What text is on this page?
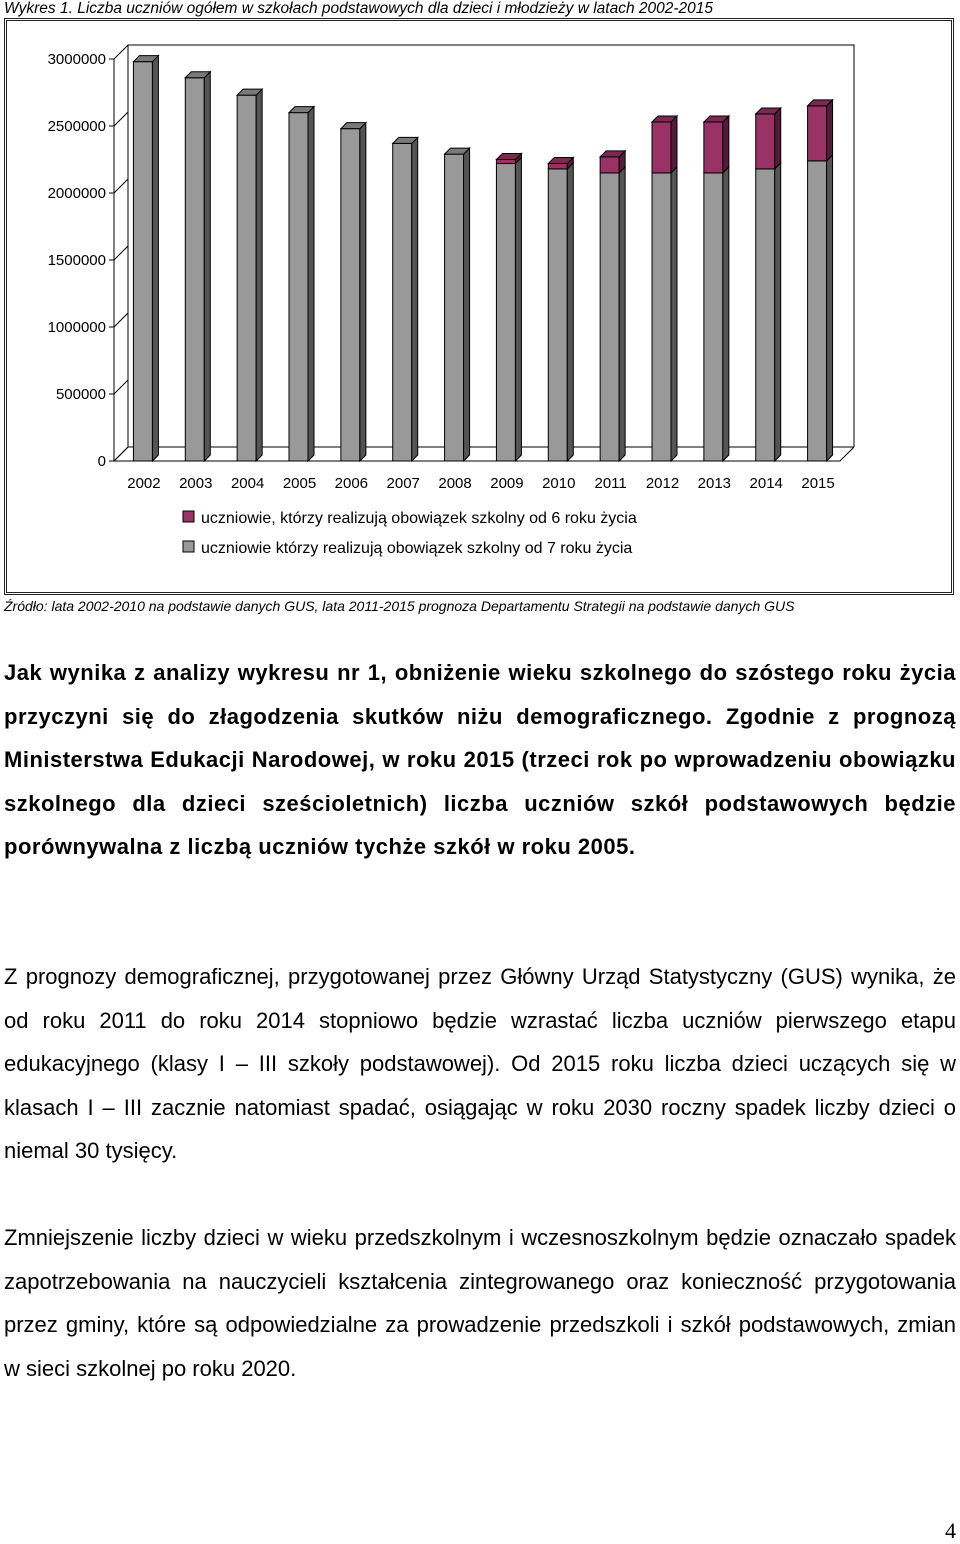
Wykres 1. Liczba uczniów ogółem w szkołach podstawowych dla dzieci i młodzieży w latach 2002-2015
3000000
2500000
2000000
1500000
1000000
500000
0
2002 2003 2004 2005 2006 2007 2008 2009 2010 2011 2012 2013 2014 2015
uczniowie, którzy realizują obowiązek szkolny od 6 roku życia
uczniowie którzy realizują obowiązek szkolny od 7 roku życia
Źródło: lata 2002-2010 na podstawie danych GUS, lata 2011-2015 prognoza Departamentu Strategii na podstawie danych GUS
Jak wynika z analizy wykresu nr 1, obniżenie wieku szkolnego do szóstego roku życia przyczyni się do złagodzenia skutków niżu demograficznego. Zgodnie z prognozą Ministerstwa Edukacji Narodowej, w roku 2015 (trzeci rok po wprowadzeniu obowiązku szkolnego dla dzieci sześcioletnich) liczba uczniów szkół podstawowych będzie porównywalna z liczbą uczniów tychże szkół w roku 2005.
Z prognozy demograficznej, przygotowanej przez Główny Urząd Statystyczny (GUS) wynika, że od roku 2011 do roku 2014 stopniowo będzie wzrastać liczba uczniów pierwszego etapu edukacyjnego (klasy I – III szkoły podstawowej). Od 2015 roku liczba dzieci uczących się w klasach I – III zacznie natomiast spadać, osiągając w roku 2030 roczny spadek liczby dzieci o niemal 30 tysięcy.
Zmniejszenie liczby dzieci w wieku przedszkolnym i wczesnoszkolnym będzie oznaczało spadek zapotrzebowania na nauczycieli kształcenia zintegrowanego oraz konieczność przygotowania przez gminy, które są odpowiedzialne za prowadzenie przedszkoli i szkół podstawowych, zmian w sieci szkolnej po roku 2020.
4
